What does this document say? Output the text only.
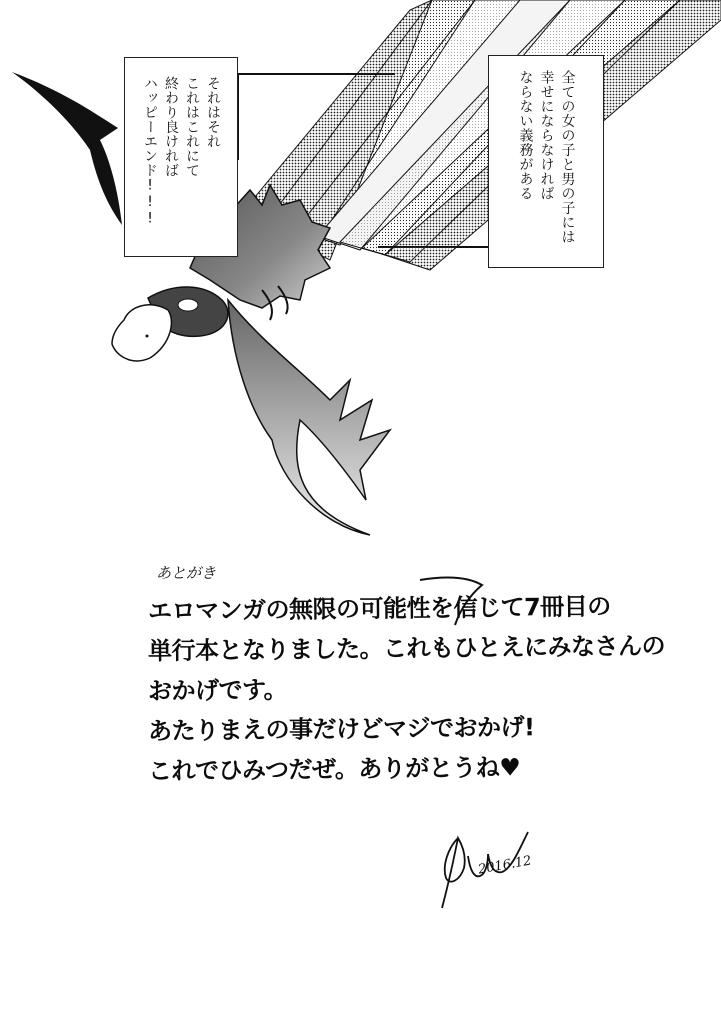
それはそれ
これはこれにて
終わり良ければ
ハッピーエンド!!!	全ての女の子と男の子には
幸せにならなければ
ならない義務がある
あとがき
エロマンガの無限の可能性を信じて7冊目の
単行本となりました。これもひとえにみなさんの
おかげです。
あたりまえの事だけどマジでおかげ!
これでひみつだぜ。ありがとうね♥
2016.12
